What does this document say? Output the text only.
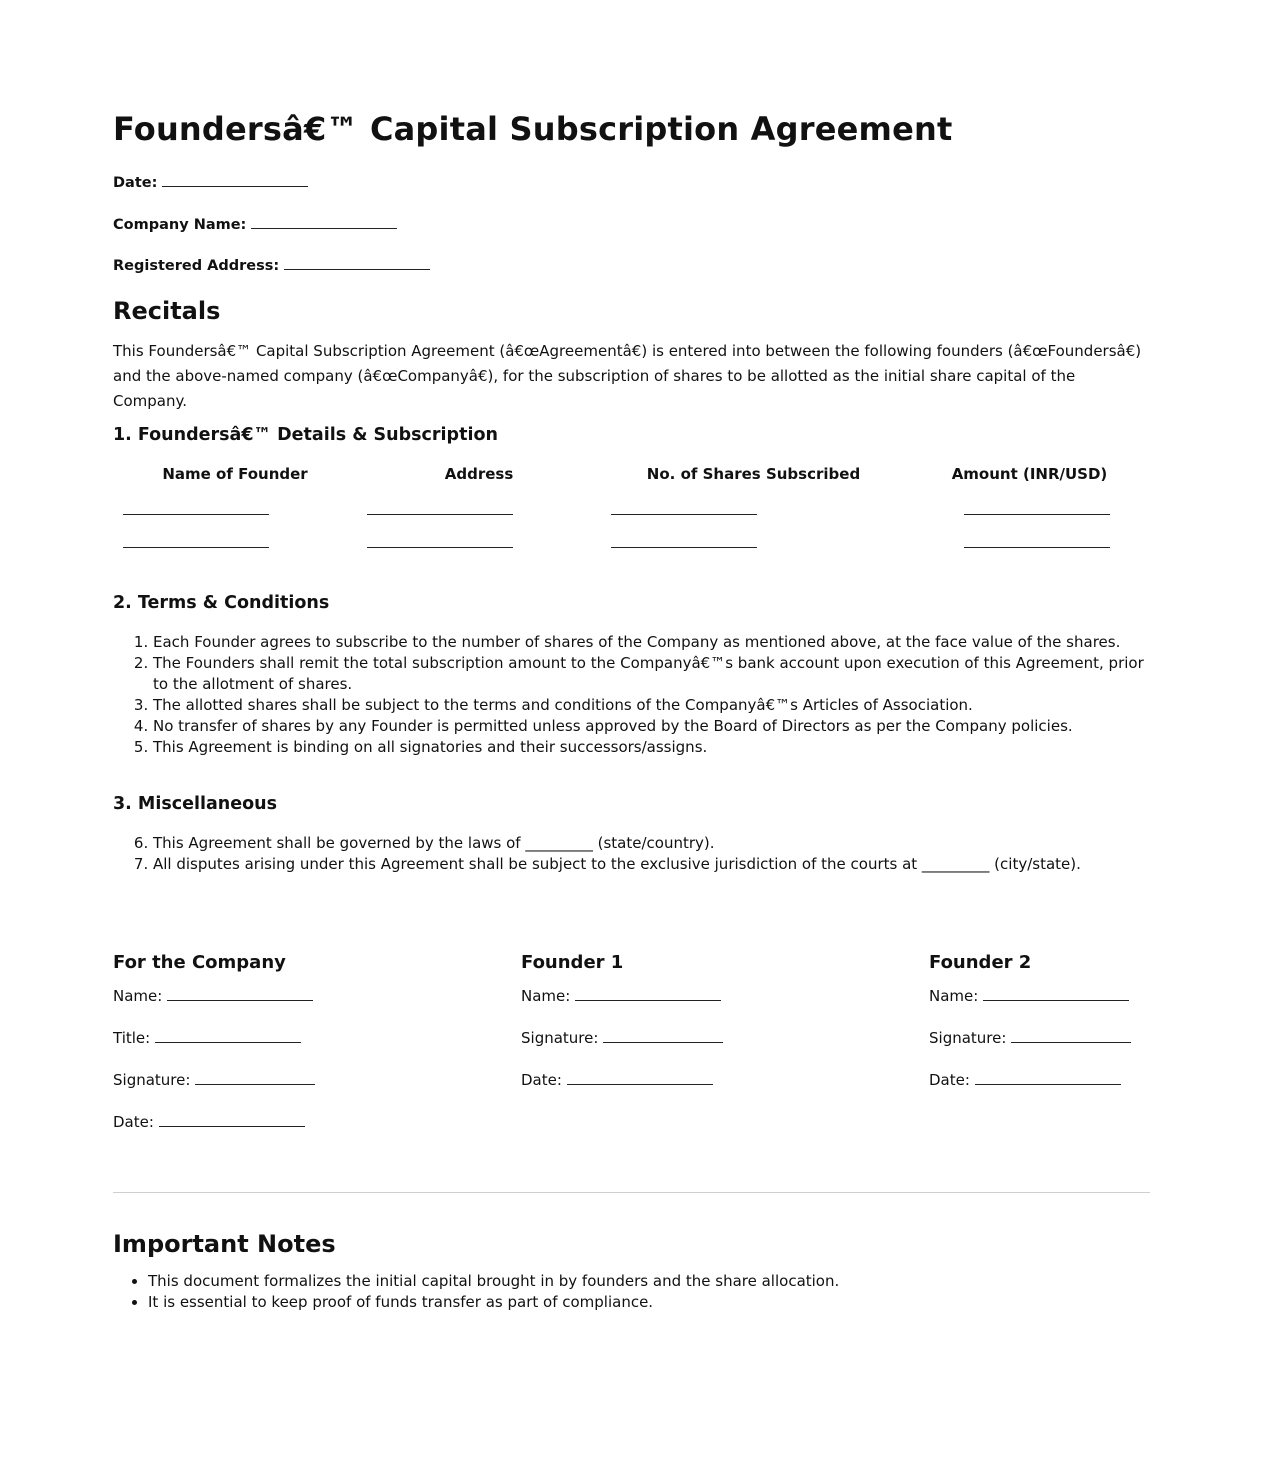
Foundersâ€™ Capital Subscription Agreement
Date:
Company Name:
Registered Address:
Recitals

This Foundersâ€™ Capital Subscription Agreement (â€œAgreementâ€) is entered into between the following founders (â€œFoundersâ€) and the above-named company (â€œCompanyâ€), for the subscription of shares to be allotted as the initial share capital of the Company.

1. Foundersâ€™ Details & Subscription
Name of Founder	Address	No. of Shares Subscribed	Amount (INR/USD)

2. Terms & Conditions
1. Each Founder agrees to subscribe to the number of shares of the Company as mentioned above, at the face value of the shares.
2. The Founders shall remit the total subscription amount to the Companyâ€™s bank account upon execution of this Agreement, prior to the allotment of shares.
3. The allotted shares shall be subject to the terms and conditions of the Companyâ€™s Articles of Association.
4. No transfer of shares by any Founder is permitted unless approved by the Board of Directors as per the Company policies.
5. This Agreement is binding on all signatories and their successors/assigns.
3. Miscellaneous
6. This Agreement shall be governed by the laws of _________ (state/country).
7. All disputes arising under this Agreement shall be subject to the exclusive jurisdiction of the courts at _________ (city/state).
For the Company
Name:
Title:
Signature:
Date:
Founder 1
Name:
Signature:
Date:
Founder 2
Name:
Signature:
Date:
Important Notes
• This document formalizes the initial capital brought in by founders and the share allocation.
• It is essential to keep proof of funds transfer as part of compliance.
